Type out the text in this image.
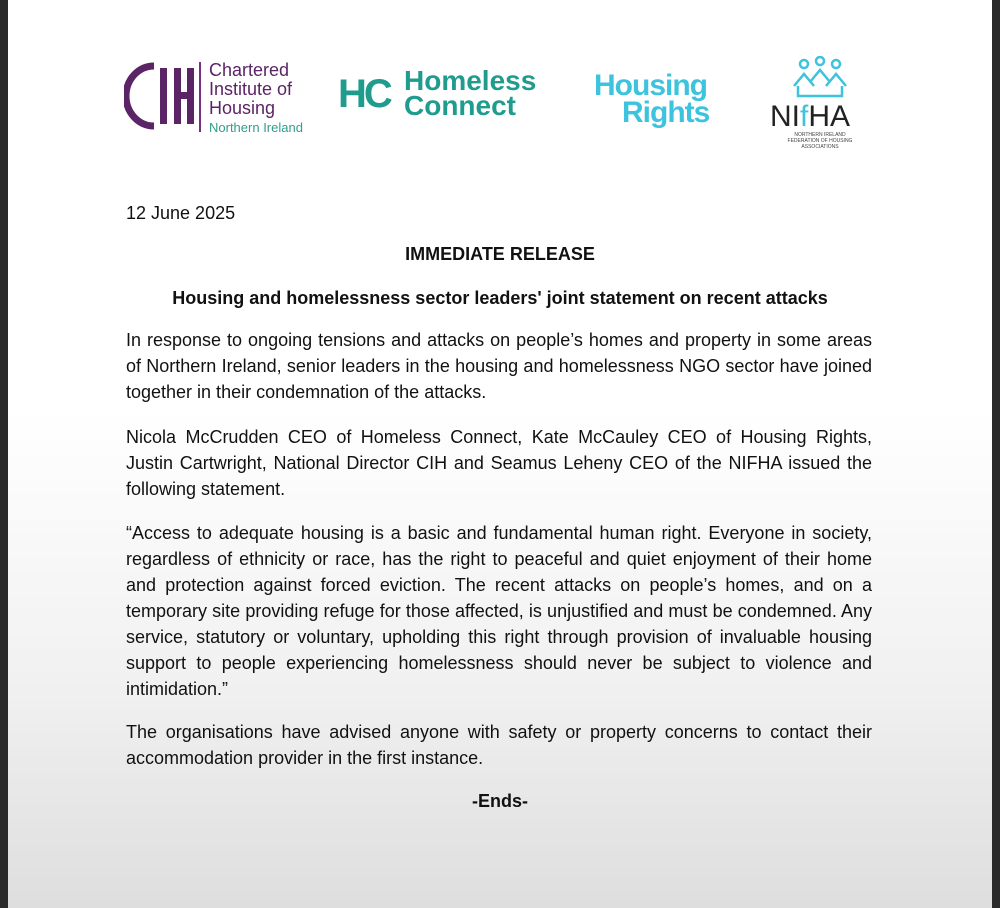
Chartered
Institute of
Housing
Northern Ireland
HC Homeless
Connect
Housing
Rights	NIfHA
NORTHERN IRELAND
FEDERATION OF HOUSING ASSOCIATIONS
12 June 2025
IMMEDIATE RELEASE
Housing and homelessness sector leaders' joint statement on recent attacks

In response to ongoing tensions and attacks on people’s homes and property in some areas of Northern Ireland, senior leaders in the housing and homelessness NGO sector have joined together in their condemnation of the attacks.

Nicola McCrudden CEO of Homeless Connect, Kate McCauley CEO of Housing Rights, Justin Cartwright, National Director CIH and Seamus Leheny CEO of the NIFHA issued the following statement.

“Access to adequate housing is a basic and fundamental human right. Everyone in society, regardless of ethnicity or race, has the right to peaceful and quiet enjoyment of their home and protection against forced eviction. The recent attacks on people’s homes, and on a temporary site providing refuge for those affected, is unjustified and must be condemned. Any service, statutory or voluntary, upholding this right through provision of invaluable housing support to people experiencing homelessness should never be subject to violence and intimidation.”

The organisations have advised anyone with safety or property concerns to contact their accommodation provider in the first instance.

-Ends-
